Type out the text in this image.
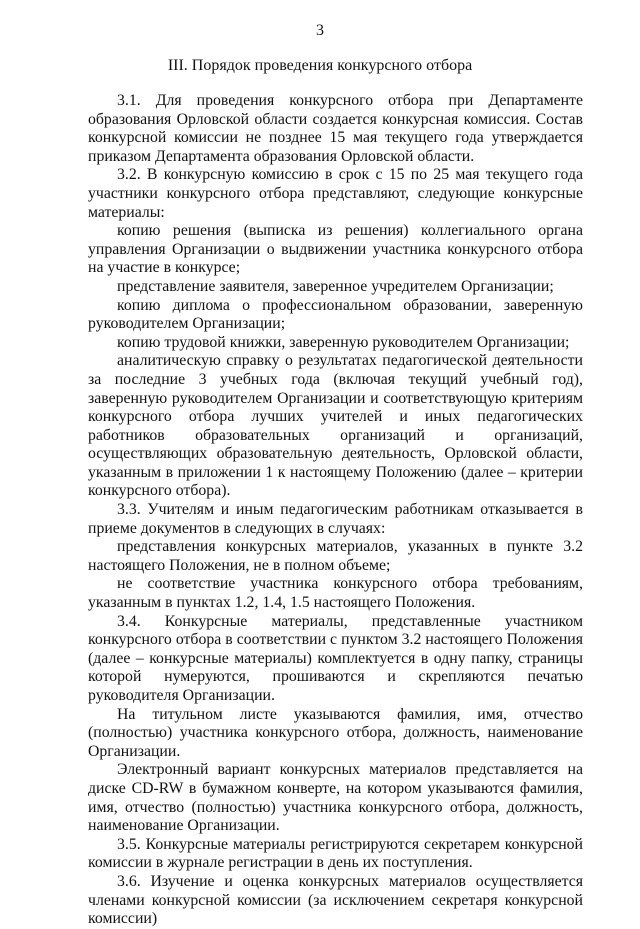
3
III. Порядок проведения конкурсного отбора

3.1. Для проведения конкурсного отбора при Департаменте образования Орловской области создается конкурсная комиссия. Состав конкурсной комиссии не позднее 15 мая текущего года утверждается приказом Департамента образования Орловской области.

3.2. В конкурсную комиссию в срок с 15 по 25 мая текущего года участники конкурсного отбора представляют, следующие конкурсные материалы:

копию решения (выписка из решения) коллегиального органа управления Организации о выдвижении участника конкурсного отбора на участие в конкурсе;

представление заявителя, заверенное учредителем Организации;

копию диплома о профессиональном образовании, заверенную руководителем Организации;

копию трудовой книжки, заверенную руководителем Организации;

аналитическую справку о результатах педагогической деятельности за последние 3 учебных года (включая текущий учебный год), заверенную руководителем Организации и соответствующую критериям конкурсного отбора лучших учителей и иных педагогических работников образовательных организаций и организаций, осуществляющих образовательную деятельность, Орловской области, указанным в приложении 1 к настоящему Положению (далее – критерии конкурсного отбора).

3.3. Учителям и иным педагогическим работникам отказывается в приеме документов в следующих в случаях:

представления конкурсных материалов, указанных в пункте 3.2 настоящего Положения, не в полном объеме;

не соответствие участника конкурсного отбора требованиям, указанным в пунктах 1.2, 1.4, 1.5 настоящего Положения.

3.4. Конкурсные материалы, представленные участником конкурсного отбора в соответствии с пунктом 3.2 настоящего Положения (далее – конкурсные материалы) комплектуется в одну папку, страницы которой нумеруются, прошиваются и скрепляются печатью руководителя Организации.

На титульном листе указываются фамилия, имя, отчество (полностью) участника конкурсного отбора, должность, наименование Организации.

Электронный вариант конкурсных материалов представляется на диске CD-RW в бумажном конверте, на котором указываются фамилия, имя, отчество (полностью) участника конкурсного отбора, должность, наименование Организации.

3.5. Конкурсные материалы регистрируются секретарем конкурсной комиссии в журнале регистрации в день их поступления.

3.6. Изучение и оценка конкурсных материалов осуществляется членами конкурсной комиссии (за исключением секретаря конкурсной комиссии)
